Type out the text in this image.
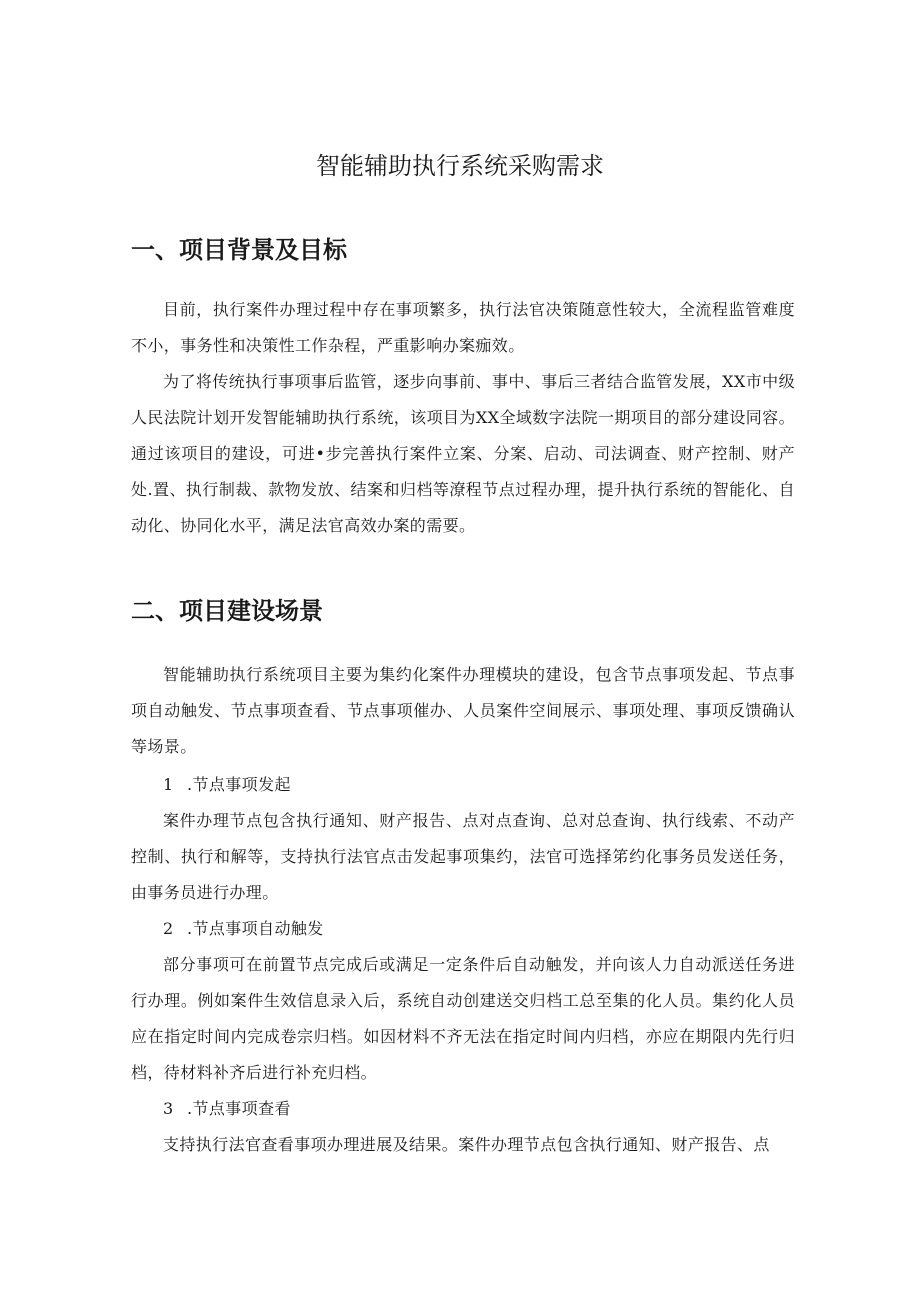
智能辅助执行系统采购需求
一、项目背景及目标

目前，执行案件办理过程中存在事项繁多，执行法官决策随意性较大，全流程监管难度不小，事务性和决策性工作杂程，严重影响办案痂效。

为了将传统执行事项事后监管，逐步向事前、事中、事后三者结合监管发展，XX市中级人民法院计划开发智能辅助执行系统，该项目为XX全域数字法院一期项目的部分建设同容。通过该项目的建设，可进•步完善执行案件立案、分案、启动、司法调查、财产控制、财产处.置、执行制裁、款物发放、结案和归档等潦程节点过程办理，提升执行系统的智能化、自动化、协同化水平，满足法官高效办案的需要。

二、项目建设场景

智能辅助执行系统项目主要为集约化案件办理模块的建设，包含节点事项发起、节点事项自动触发、节点事项查看、节点事项催办、人员案件空间展示、事项处理、事项反馈确认等场景。

1 .节点事项发起

案件办理节点包含执行通知、财产报告、点对点查询、总对总查询、执行线索、不动产控制、执行和解等，支持执行法官点击发起事项集约，法官可选择笫约化事务员发送任务，由事务员进行办理。

2 .节点事项自动触发

部分事项可在前置节点完成后或满足一定条件后自动触发，并向该人力自动派送任务进行办理。例如案件生效信息录入后，系统自动创建送交归档工总至集的化人员。集约化人员应在指定时间内完成卷宗归档。如因材料不齐无法在指定时间内归档，亦应在期限内先行归档，待材料补齐后进行补充归档。

3 .节点事项查看

支持执行法官查看事项办理进展及结果。案件办理节点包含执行通知、财产报告、点
